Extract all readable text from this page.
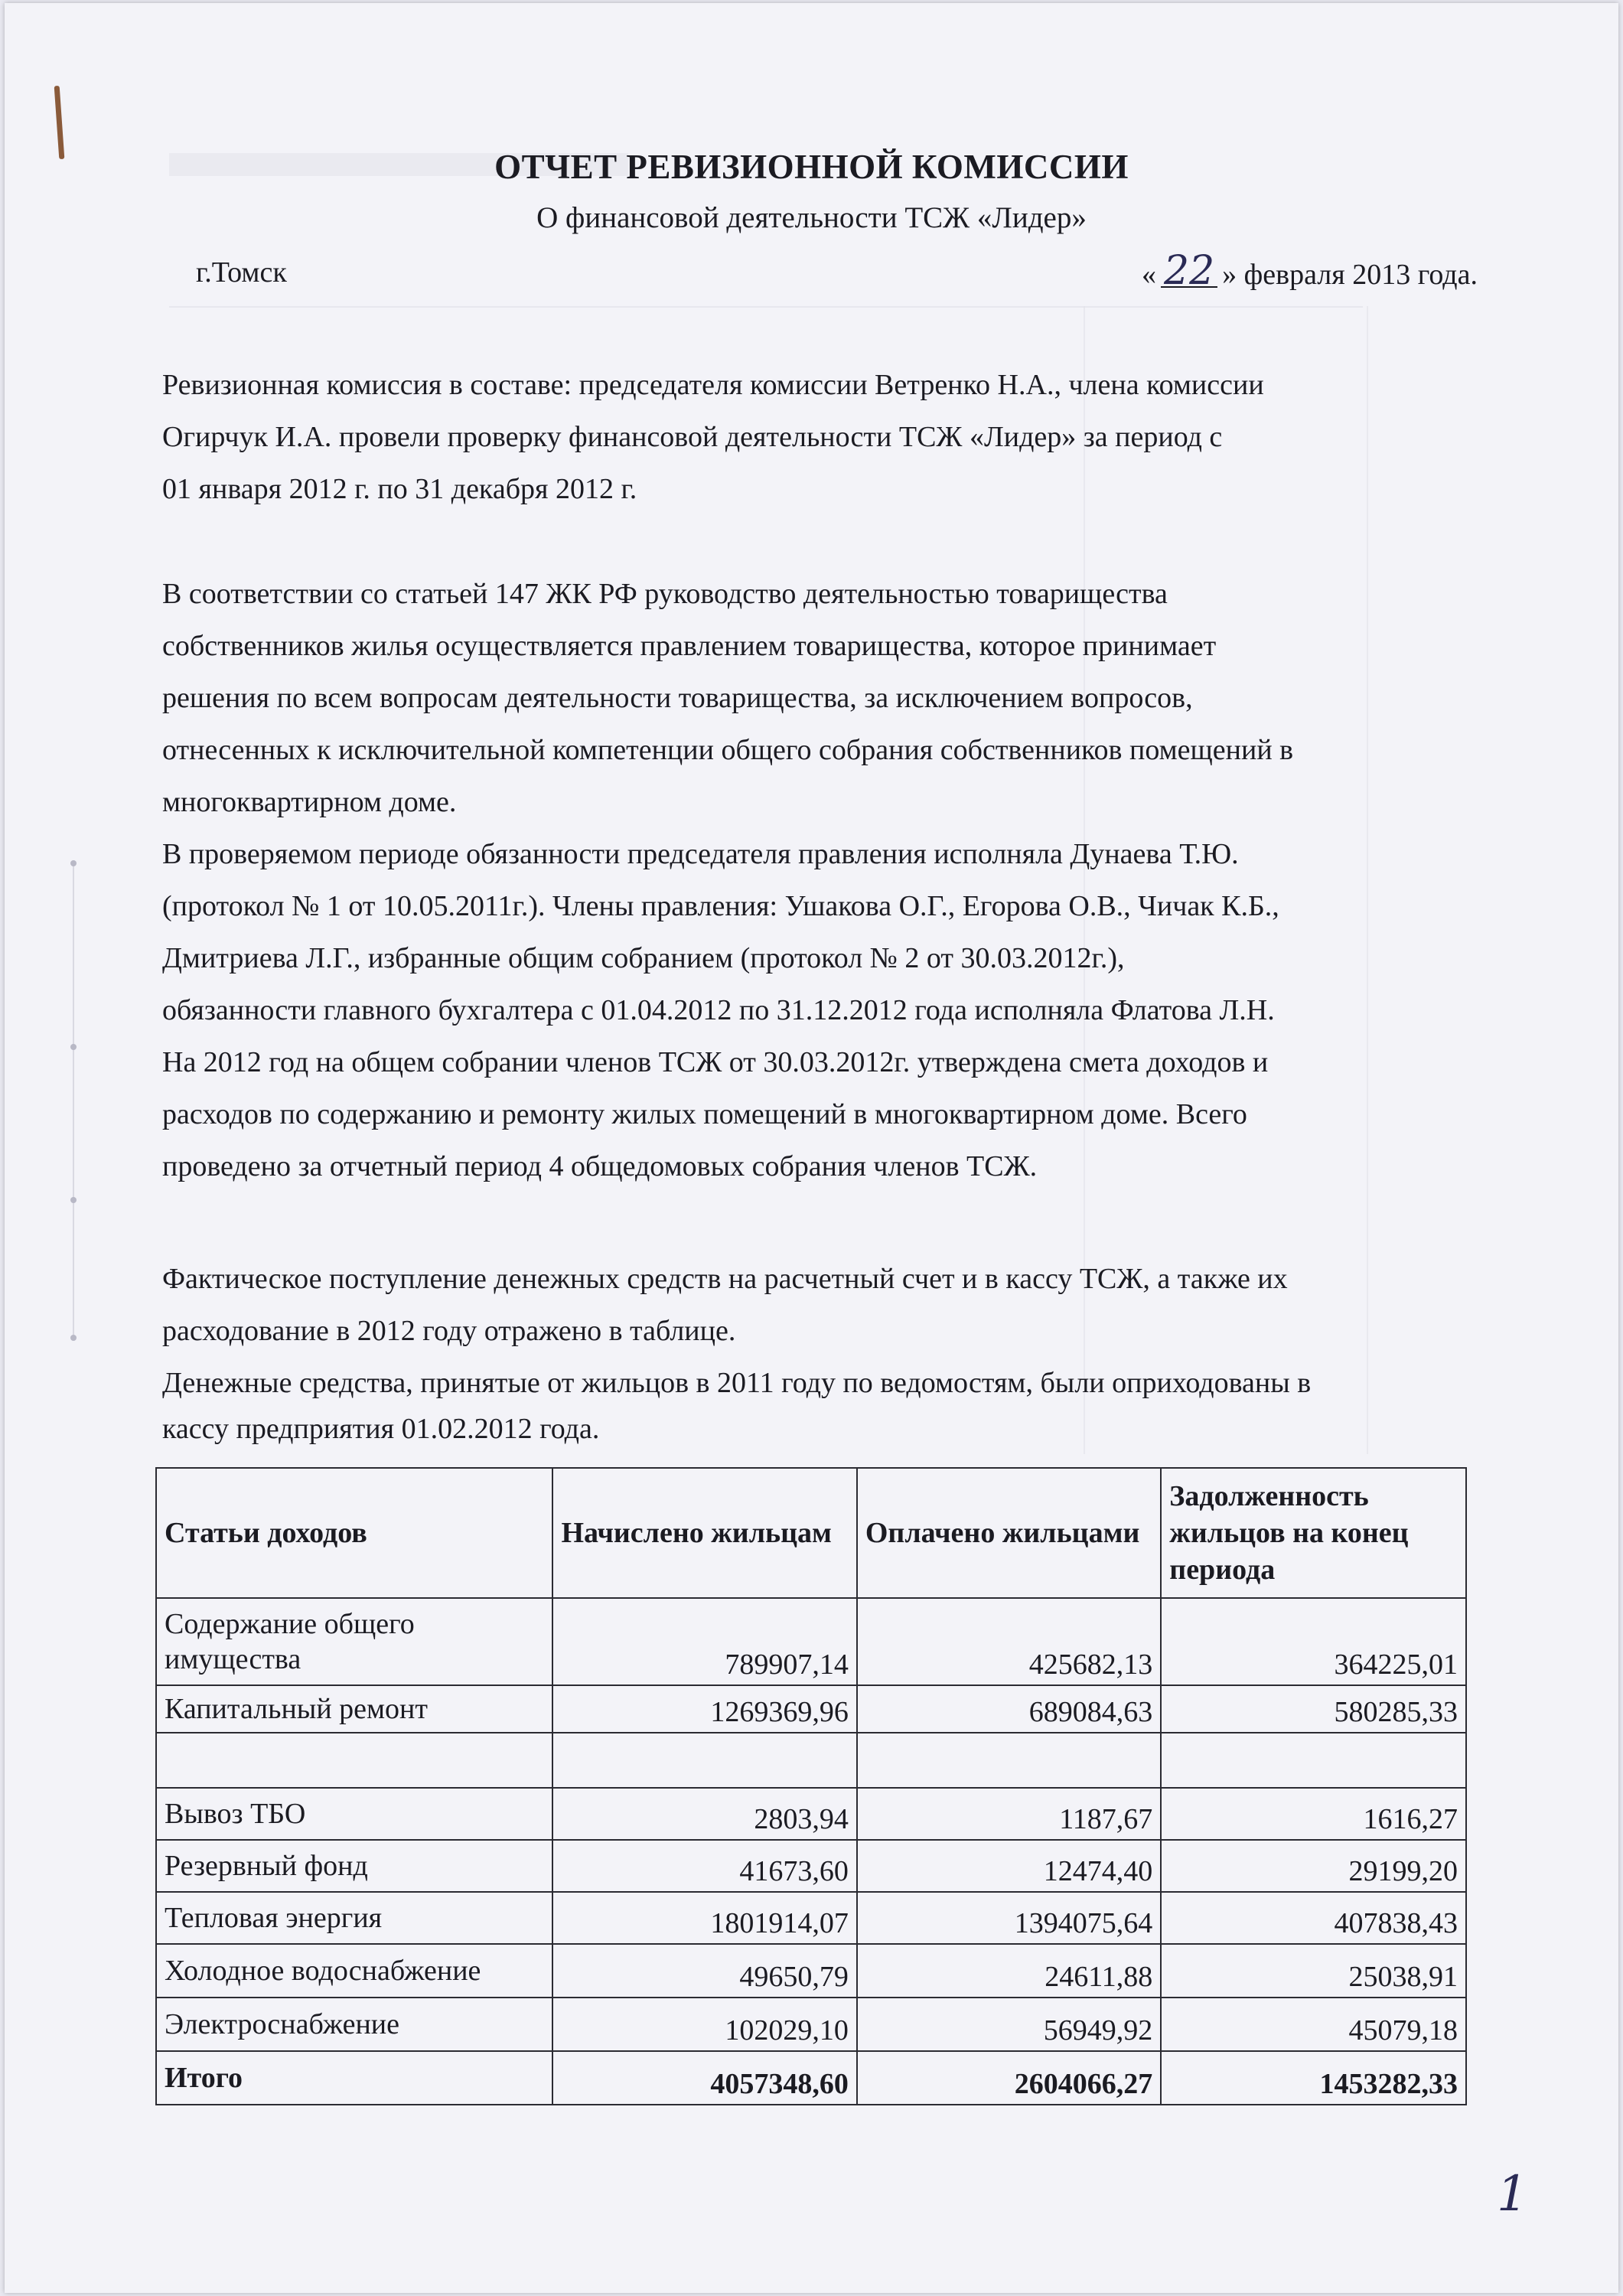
ОТЧЕТ РЕВИЗИОННОЙ КОМИССИИ
О финансовой деятельности ТСЖ «Лидер»
г.Томск	« 22 » февраля 2013 года.
Ревизионная комиссия в составе: председателя комиссии Ветренко Н.А., члена комиссии
Огирчук И.А. провели проверку финансовой деятельности ТСЖ «Лидер» за период с
01 января 2012 г. по 31 декабря 2012 г.
В соответствии со статьей 147 ЖК РФ руководство деятельностью товарищества
собственников жилья осуществляется правлением товарищества, которое принимает
решения по всем вопросам деятельности товарищества, за исключением вопросов,
отнесенных к исключительной компетенции общего собрания собственников помещений в
многоквартирном доме.
В проверяемом периоде обязанности председателя правления исполняла Дунаева Т.Ю.
(протокол № 1 от 10.05.2011г.). Члены правления: Ушакова О.Г., Егорова О.В., Чичак К.Б.,
Дмитриева Л.Г., избранные общим собранием (протокол № 2 от 30.03.2012г.),
обязанности главного бухгалтера с 01.04.2012 по 31.12.2012 года исполняла Флатова Л.Н.
На 2012 год на общем собрании членов ТСЖ от 30.03.2012г. утверждена смета доходов и
расходов по содержанию и ремонту жилых помещений в многоквартирном доме. Всего
проведено за отчетный период 4 общедомовых собрания членов ТСЖ.
Фактическое поступление денежных средств на расчетный счет и в кассу ТСЖ, а также их
расходование в 2012 году отражено в таблице.
Денежные средства, принятые от жильцов в 2011 году по ведомостям, были оприходованы в
кассу предприятия 01.02.2012 года.
Статьи доходов	Начислено жильцам	Оплачено жильцами	Задолженность жильцов на конец периода
Содержание общего имущества	789907,14	425682,13	364225,01
Капитальный ремонт	1269369,96	689084,63	580285,33

Вывоз ТБО	2803,94	1187,67	1616,27
Резервный фонд	41673,60	12474,40	29199,20
Тепловая энергия	1801914,07	1394075,64	407838,43
Холодное водоснабжение	49650,79	24611,88	25038,91
Электроснабжение	102029,10	56949,92	45079,18
Итого	4057348,60	2604066,27	1453282,33
1
